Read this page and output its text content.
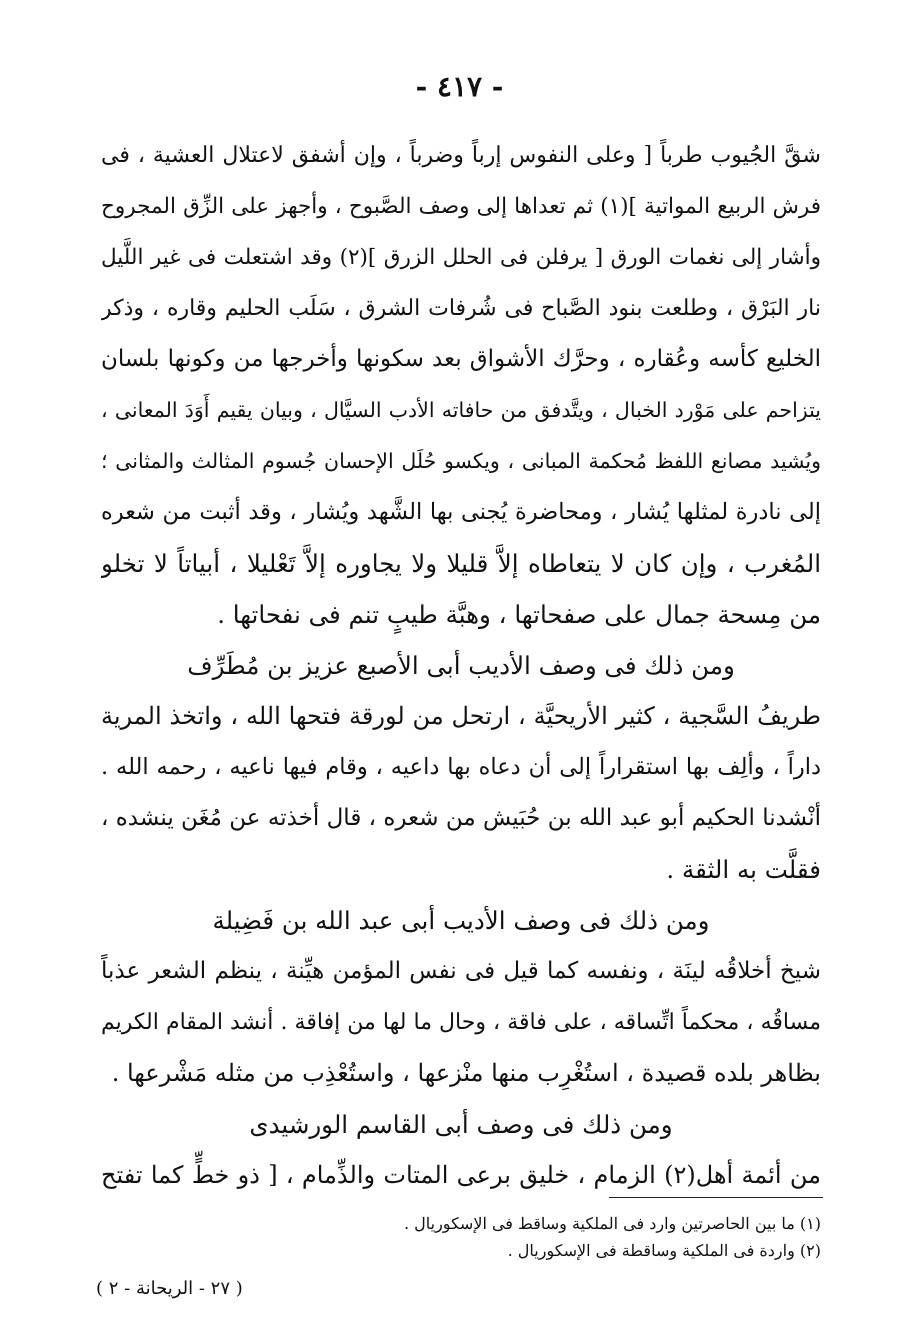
- ٤١٧ -
شقَّ الجُيوب طرباً [ وعلى النفوس إرباً وضرباً ، وإن أشفق لاعتلال العشية ، فى
فرش الربيع المواتية ](١) ثم تعداها إلى وصف الصَّبوح ، وأجهز على الزِّق المجروح
وأشار إلى نغمات الورق [ يرفلن فى الحلل الزرق ](٢) وقد اشتعلت فى غير اللَّيل
نار البَرْق ، وطلعت بنود الصَّباح فى شُرفات الشرق ، سَلَب الحليم وقاره ، وذكر
الخليع كأسه وعُقاره ، وحرَّك الأشواق بعد سكونها وأخرجها من وكونها بلسان
يتزاحم على مَوْرد الخبال ، ويتَّدفق من حافاته الأدب السيَّال ، وبيان يقيم أَوَدَ المعانى ،
ويُشيد مصانع اللفظ مُحكمة المبانى ، ويكسو حُلَل الإحسان جُسوم المثالث والمثانى ؛
إلى نادرة لمثلها يُشار ، ومحاضرة يُجنى بها الشَّهد ويُشار ، وقد أثبت من شعره
المُغرب ، وإن كان لا يتعاطاه إلاَّ قليلا ولا يجاوره إلاَّ تَعْليلا ، أبياتاً لا تخلو
من مِسحة جمال على صفحاتها ، وهبَّة طيبٍ تنم فى نفحاتها .
ومن ذلك فى وصف الأديب أبى الأصبع عزيز بن مُطَرِّف
طريفُ السَّجية ، كثير الأريحيَّة ، ارتحل من لورقة فتحها الله ، واتخذ المرية
داراً ، وألِف بها استقراراً إلى أن دعاه بها داعيه ، وقام فيها ناعيه ، رحمه الله .
أنْشدنا الحكيم أبو عبد الله بن حُبَيش من شعره ، قال أخذته عن مُغَن ينشده ،
فقلَّت به الثقة .
ومن ذلك فى وصف الأديب أبى عبد الله بن فَضِيلة
شيخ أخلاقُه لينَة ، ونفسه كما قيل فى نفس المؤمن هيِّنة ، ينظم الشعر عذباً
مساقُه ، محكماً اتِّساقه ، على فاقة ، وحال ما لها من إفاقة . أنشد المقام الكريم
بظاهر بلده قصيدة ، استُغْرِب منها منْزعها ، واستُعْذِب من مثله مَشْرعها .
ومن ذلك فى وصف أبى القاسم الورشيدى
من أئمة أهل(٢) الزمام ، خليق برعى المتات والذِّمام ، [ ذو خطٍّ كما تفتح
(١) ما بين الحاصرتين وارد فى الملكية وساقط فى الإسكوريال .
(٢) واردة فى الملكية وساقطة فى الإسكوريال .
( ٢٧ - الريحانة - ٢ )
